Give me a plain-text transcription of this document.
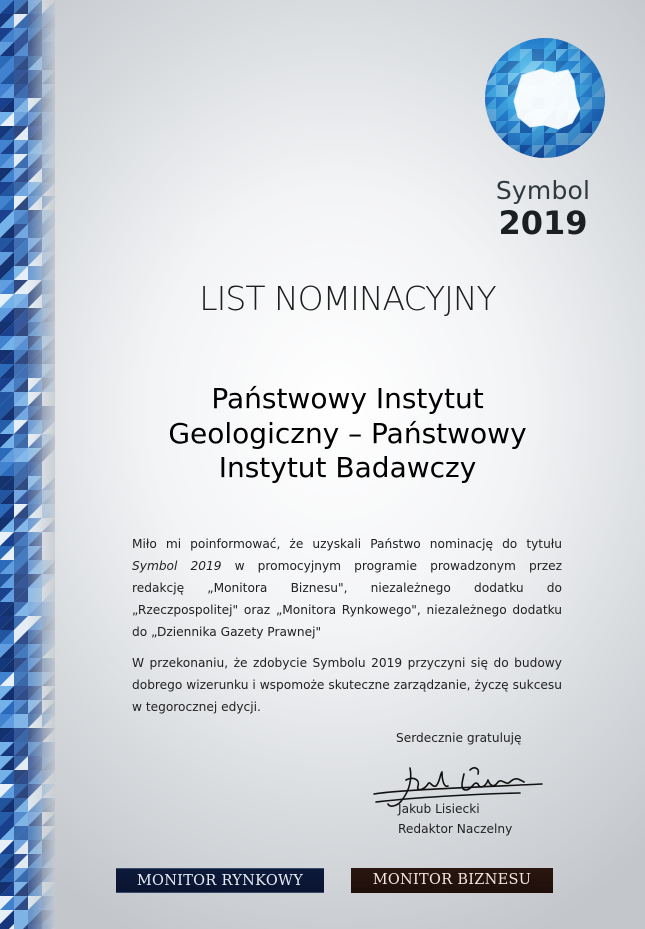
Symbol
2019
LIST NOMINACYJNY
Państwowy Instytut
Geologiczny – Państwowy
Instytut Badawczy
Miło mi poinformować, że uzyskali Państwo nominację do tytułu Symbol 2019 w promocyjnym programie prowadzonym przez redakcję „Monitora Biznesu", niezależnego dodatku do „Rzeczpospolitej" oraz „Monitora Rynkowego", niezależnego dodatku do „Dziennika Gazety Prawnej"
W przekonaniu, że zdobycie Symbolu 2019 przyczyni się do budowy dobrego wizerunku i wspomoże skuteczne zarządzanie, życzę sukcesu w tegorocznej edycji.
Serdecznie gratuluję
Jakub Lisiecki
Redaktor Naczelny
MONITOR RYNKOWY	MONITOR BIZNESU
